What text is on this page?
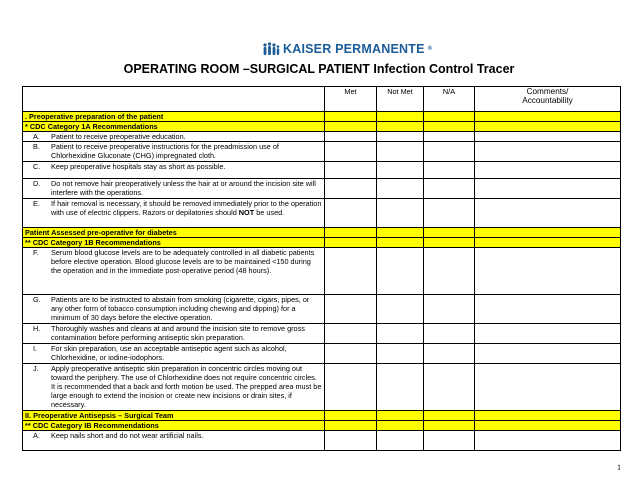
KAISER PERMANENTE ®
OPERATING ROOM –SURGICAL PATIENT Infection Control Tracer
	Met	Not Met	N/A	Comments/
Accountability
. Preoperative preparation of the patient				
* CDC Category 1A Recommendations				

A. Patient to receive preoperative education.				

B. Patient to receive preoperative instructions for the preadmission use of Chlorhexidine Gluconate (CHG) impregnated cloth.				

C. Keep preoperative hospitals stay as short as possible.				

D. Do not remove hair preoperatively unless the hair at or around the incision site will interfere with the operations.				

E. If hair removal is necessary, it should be removed immediately prior to the operation with use of electric clippers. Razors or depilatories should NOT be used.				

Patient Assessed pre-operative for diabetes				
** CDC Category 1B Recommendations				

F. Serum blood glucose levels are to be adequately controlled in all diabetic patients before elective operation. Blood glucose levels are to be maintained <150 during the operation and in the immediate post-operative period (48 hours).				

G. Patients are to be instructed to abstain from smoking (cigarette, cigars, pipes, or any other form of tobacco consumption including chewing and dipping) for a minimum of 30 days before the elective operation.				

H. Thoroughly washes and cleans at and around the incision site to remove gross contamination before performing antiseptic skin preparation.				

I. For skin preparation, use an acceptable antiseptic agent such as alcohol, Chlorhexidine, or iodine-iodophors.				

J. Apply preoperative antiseptic skin preparation in concentric circles moving out toward the periphery. The use of Chlorhexidine does not require concentric circles. It is recommended that a back and forth motion be used. The prepped area must be large enough to extend the incision or create new incisions or drain sites, if necessary.				

II. Preoperative Antisepsis – Surgical Team				
** CDC Category IB Recommendations				

A. Keep nails short and do not wear artificial nails.				

1
